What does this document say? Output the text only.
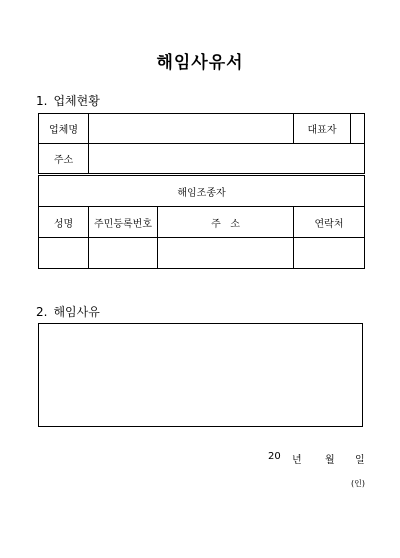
해임사유서
1. 업체현황
업체명			대표자

주소			
해임조종자			
성명	주민등록번호	주   소	연락처

2. 해임사유
20 년 월 일
(인)
